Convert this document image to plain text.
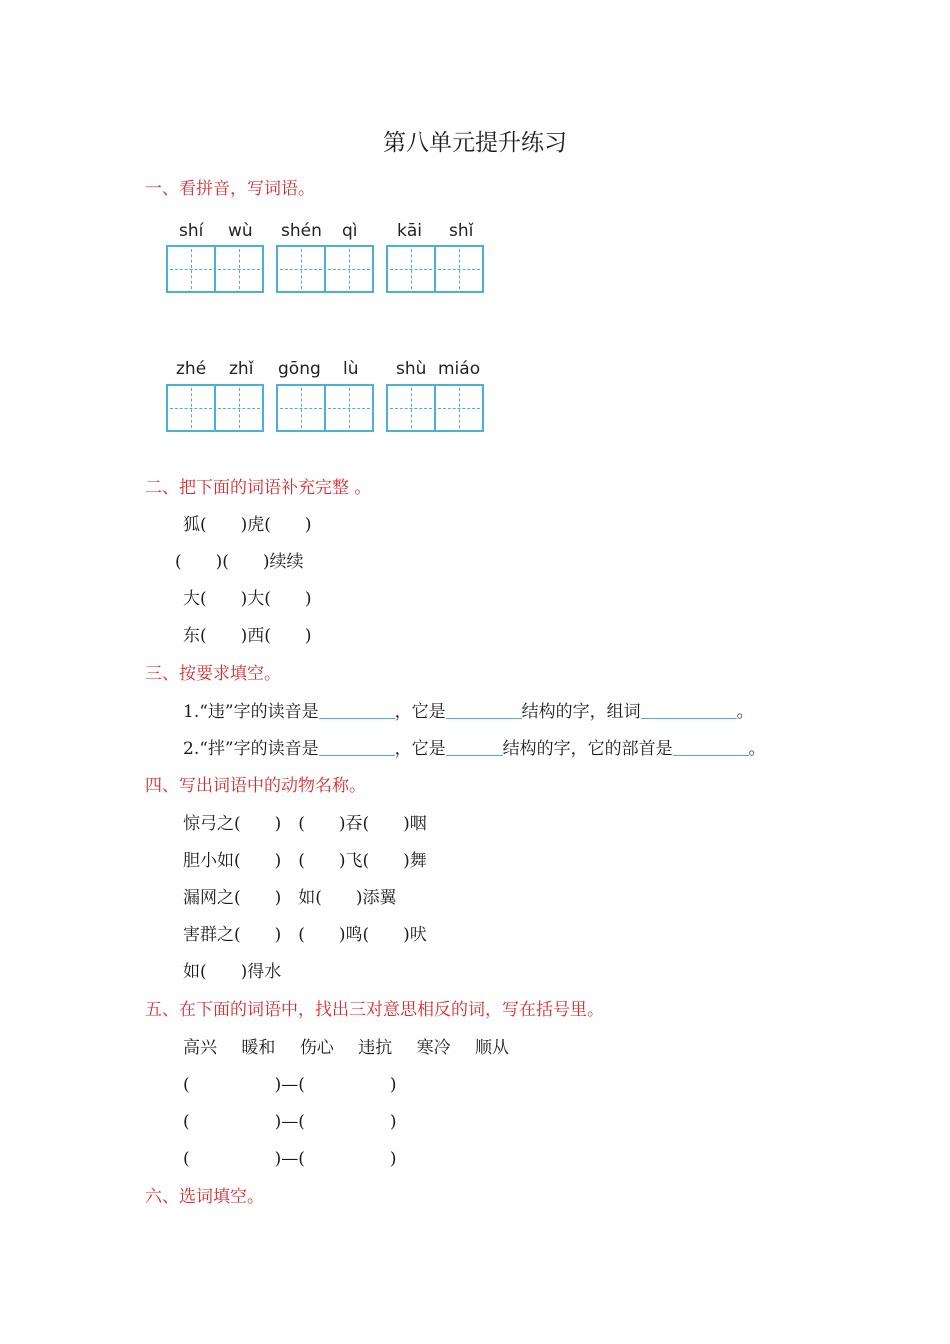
第八单元提升练习
一、看拼音，写词语。
shí wù shén qì kāi shǐ
zhé zhǐ gōng lù shù miáo
二、把下面的词语补充完整 。
狐(　　)虎(　　)
(　　)(　　)续续
大(　　)大(　　)
东(　　)西(　　)
三、按要求填空。
1.“违”字的读音是	，它是	结构的字，组词	。
2.“拌”字的读音是	，它是	结构的字，它的部首是	。
四、写出词语中的动物名称。
惊弓之(　　)　(　　)吞(　　)咽
胆小如(　　)　(　　)飞(　　)舞
漏网之(　　)　如(　　)添翼
害群之(　　)　(　　)鸣(　　)吠
如(　　)得水
五、在下面的词语中，找出三对意思相反的词，写在括号里。
高兴 暖和 伤心 违抗 寒冷 顺从
(　　　　　)—(　　　　　)
(　　　　　)—(　　　　　)
(　　　　　)—(　　　　　)
六、选词填空。
